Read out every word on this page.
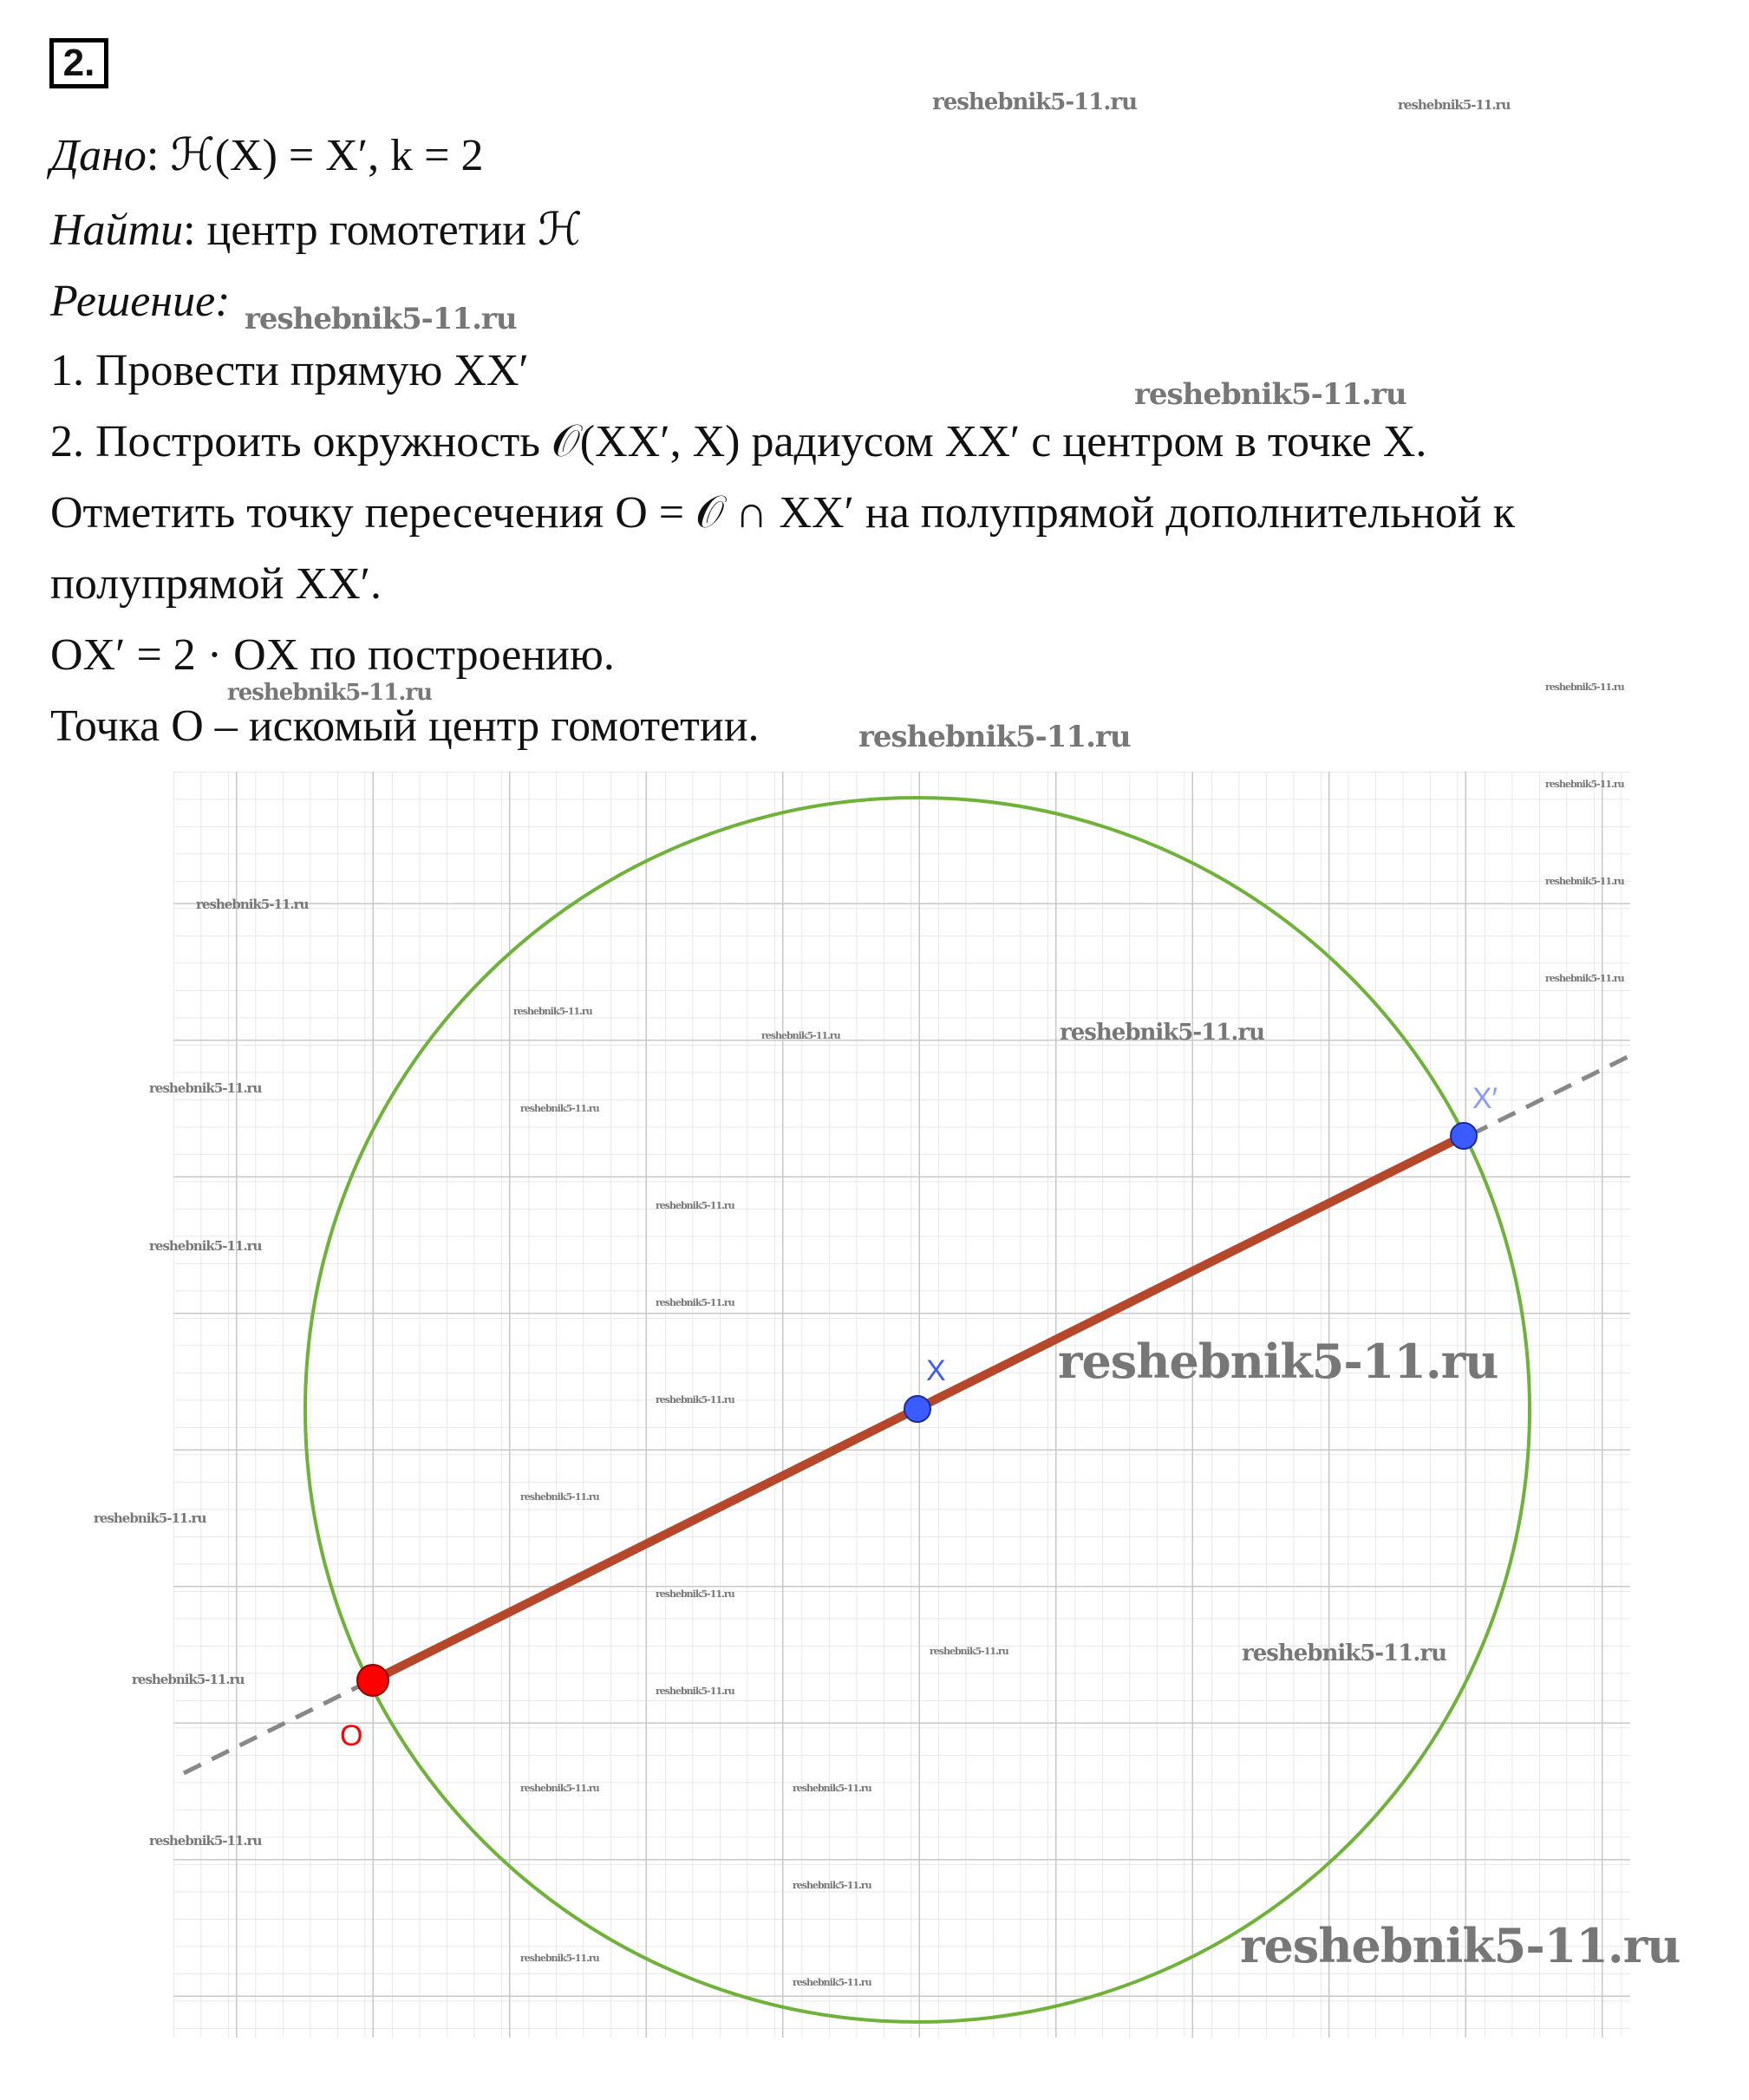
2.
Дано: ℋ(X) = X′, k = 2
Найти: центр гомотетии ℋ
Решение:
1. Провести прямую XX′
2. Построить окружность 𝒪(XX′, X) радиусом XX′ с центром в точке X.
Отметить точку пересечения O = 𝒪 ∩ XX′ на полупрямой дополнительной к
полупрямой XX′.
OX′ = 2 · OX по построению.
Точка O – искомый центр гомотетии.
O
X
X′
reshebnik5-11.ru	reshebnik5-11.ru
reshebnik5-11.ru
reshebnik5-11.ru
reshebnik5-11.ru
reshebnik5-11.ru
reshebnik5-11.ru
reshebnik5-11.ru
reshebnik5-11.ru
reshebnik5-11.ru
reshebnik5-11.ru
reshebnik5-11.ru
reshebnik5-11.ru
reshebnik5-11.ru
reshebnik5-11.ru
reshebnik5-11.ru
reshebnik5-11.ru
reshebnik5-11.ru
reshebnik5-11.ru
reshebnik5-11.ru
reshebnik5-11.ru
reshebnik5-11.ru
reshebnik5-11.ru
reshebnik5-11.ru
reshebnik5-11.ru
reshebnik5-11.ru
reshebnik5-11.ru	reshebnik5-11.ru
reshebnik5-11.ru
reshebnik5-11.ru
reshebnik5-11.ru
reshebnik5-11.ru
reshebnik5-11.ru
reshebnik5-11.ru
reshebnik5-11.ru
